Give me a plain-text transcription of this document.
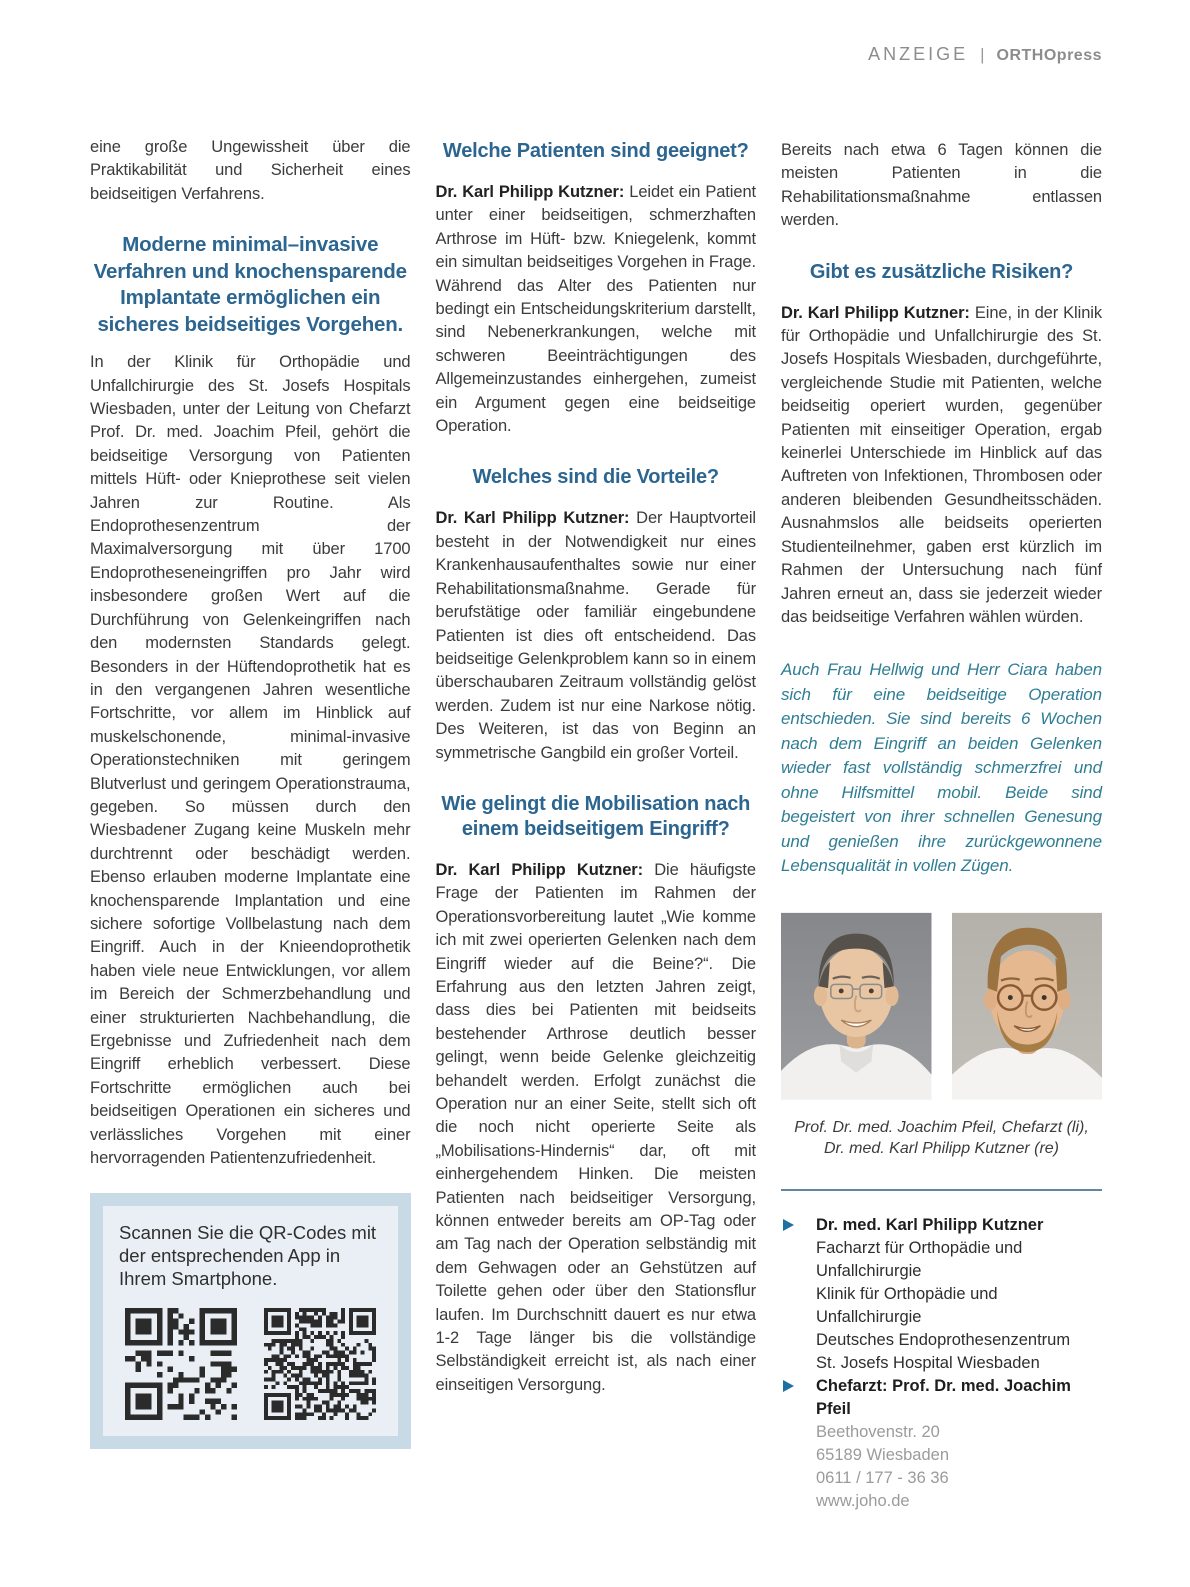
ANZEIGE | ORTHOpress

eine große Ungewissheit über die Praktikabilität und Sicherheit eines beidseitigen Verfahrens.

Moderne minimal–invasive Verfahren und knochensparende Implantate ermöglichen ein sicheres beidseitiges Vorgehen.

In der Klinik für Orthopädie und Unfallchirurgie des St. Josefs Hospitals Wiesbaden, unter der Leitung von Chefarzt Prof. Dr. med. Joachim Pfeil, gehört die beidseitige Versorgung von Patienten mittels Hüft- oder Knieprothese seit vielen Jahren zur Routine. Als Endoprothesenzentrum der Maximalversorgung mit über 1700 Endoprotheseneingriffen pro Jahr wird insbesondere großen Wert auf die Durchführung von Gelenkeingriffen nach den modernsten Standards gelegt. Besonders in der Hüftendoprothetik hat es in den vergangenen Jahren wesentliche Fortschritte, vor allem im Hinblick auf muskelschonende, minimal-invasive Operationstechniken mit geringem Blutverlust und geringem Operationstrauma, gegeben. So müssen durch den Wiesbadener Zugang keine Muskeln mehr durchtrennt oder beschädigt werden. Ebenso erlauben moderne Implantate eine knochensparende Implantation und eine sichere sofortige Vollbelastung nach dem Eingriff. Auch in der Knieendoprothetik haben viele neue Entwicklungen, vor allem im Bereich der Schmerzbehandlung und einer strukturierten Nachbehandlung, die Ergebnisse und Zufriedenheit nach dem Eingriff erheblich verbessert. Diese Fortschritte ermöglichen auch bei beidseitigen Operationen ein sicheres und verlässliches Vorgehen mit einer hervorragenden Patientenzufriedenheit.

Scannen Sie die QR-Codes mit der entsprechenden App in Ihrem Smartphone.

Welche Patienten sind geeignet?

Dr. Karl Philipp Kutzner: Leidet ein Patient unter einer beidseitigen, schmerzhaften Arthrose im Hüft- bzw. Kniegelenk, kommt ein simultan beidseitiges Vorgehen in Frage. Während das Alter des Patienten nur bedingt ein Entscheidungskriterium darstellt, sind Nebenerkrankungen, welche mit schweren Beeinträchtigungen des Allgemeinzustandes einhergehen, zumeist ein Argument gegen eine beidseitige Operation.

Welches sind die Vorteile?

Dr. Karl Philipp Kutzner: Der Hauptvorteil besteht in der Notwendigkeit nur eines Krankenhausaufenthaltes sowie nur einer Rehabilitationsmaßnahme. Gerade für berufstätige oder familiär eingebundene Patienten ist dies oft entscheidend. Das beidseitige Gelenkproblem kann so in einem überschaubaren Zeitraum vollständig gelöst werden. Zudem ist nur eine Narkose nötig. Des Weiteren, ist das von Beginn an symmetrische Gangbild ein großer Vorteil.

Wie gelingt die Mobilisation nach einem beidseitigem Eingriff?

Dr. Karl Philipp Kutzner: Die häufigste Frage der Patienten im Rahmen der Operationsvorbereitung lautet „Wie komme ich mit zwei operierten Gelenken nach dem Eingriff wieder auf die Beine?“. Die Erfahrung aus den letzten Jahren zeigt, dass dies bei Patienten mit beidseits bestehender Arthrose deutlich besser gelingt, wenn beide Gelenke gleichzeitig behandelt werden. Erfolgt zunächst die Operation nur an einer Seite, stellt sich oft die noch nicht operierte Seite als „Mobilisations-Hindernis“ dar, oft mit einhergehendem Hinken. Die meisten Patienten nach beidseitiger Versorgung, können entweder bereits am OP-Tag oder am Tag nach der Operation selbständig mit dem Gehwagen oder an Gehstützen auf Toilette gehen oder über den Stationsflur laufen. Im Durchschnitt dauert es nur etwa 1-2 Tage länger bis die vollständige Selbständigkeit erreicht ist, als nach einer einseitigen Versorgung.

Bereits nach etwa 6 Tagen können die meisten Patienten in die Rehabilitationsmaßnahme entlassen werden.

Gibt es zusätzliche Risiken?

Dr. Karl Philipp Kutzner: Eine, in der Klinik für Orthopädie und Unfallchirurgie des St. Josefs Hospitals Wiesbaden, durchgeführte, vergleichende Studie mit Patienten, welche beidseitig operiert wurden, gegenüber Patienten mit einseitiger Operation, ergab keinerlei Unterschiede im Hinblick auf das Auftreten von Infektionen, Thrombosen oder anderen bleibenden Gesundheitsschäden. Ausnahmslos alle beidseits operierten Studienteilnehmer, gaben erst kürzlich im Rahmen der Untersuchung nach fünf Jahren erneut an, dass sie jederzeit wieder das beidseitige Verfahren wählen würden.

Auch Frau Hellwig und Herr Ciara haben sich für eine beidseitige Operation entschieden. Sie sind bereits 6 Wochen nach dem Eingriff an beiden Gelenken wieder fast vollständig schmerzfrei und ohne Hilfsmittel mobil. Beide sind begeistert von ihrer schnellen Genesung und genießen ihre zurückgewonnene Lebensqualität in vollen Zügen.

Prof. Dr. med. Joachim Pfeil, Chefarzt (li),
Dr. med. Karl Philipp Kutzner (re)

Dr. med. Karl Philipp Kutzner
Facharzt für Orthopädie und Unfallchirurgie
Klinik für Orthopädie und Unfallchirurgie
Deutsches Endoprothesenzentrum
St. Josefs Hospital Wiesbaden
Chefarzt: Prof. Dr. med. Joachim Pfeil
Beethovenstr. 20
65189 Wiesbaden
0611 / 177 - 36 36
www.joho.de
